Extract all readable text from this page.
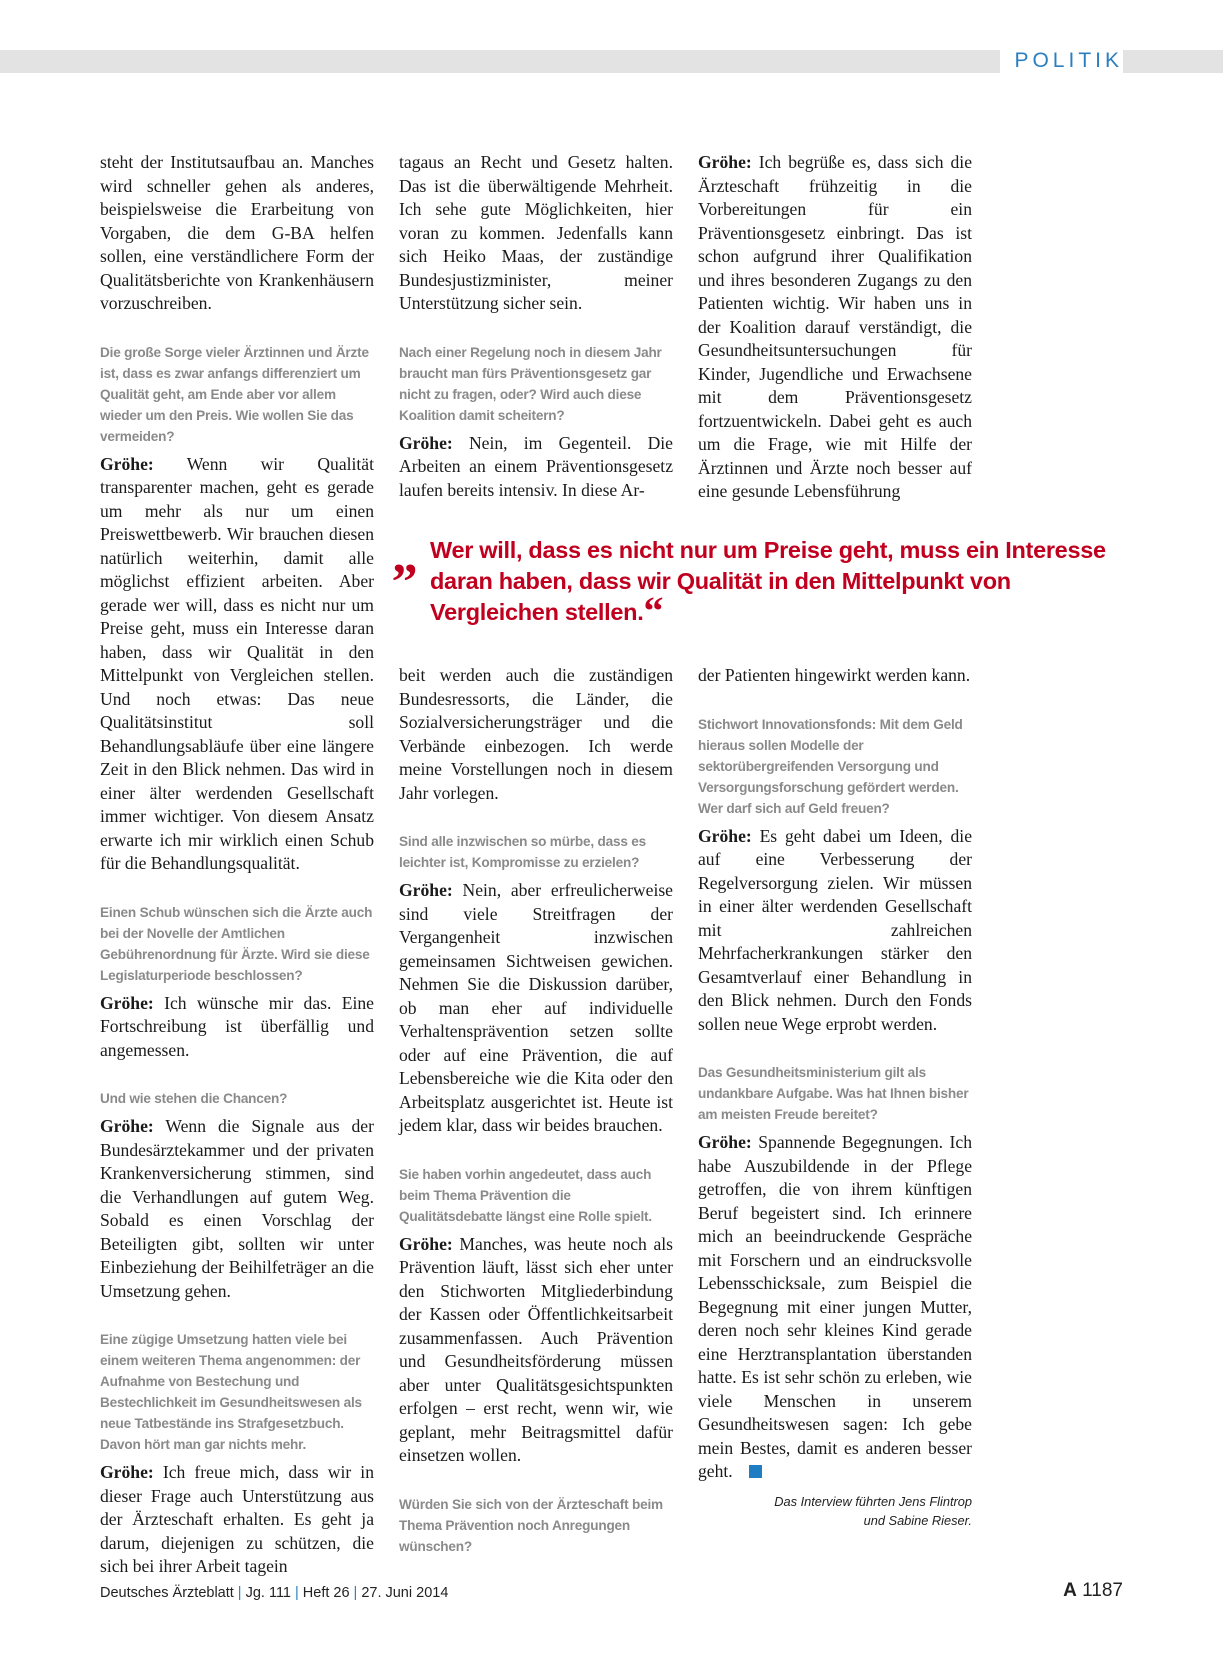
POLITIK

steht der Institutsaufbau an. Manches wird schneller gehen als anderes, beispielsweise die Erarbeitung von Vorgaben, die dem G-BA helfen sollen, eine verständlichere Form der Qualitätsberichte von Krankenhäusern vorzuschreiben.

Die große Sorge vieler Ärztinnen und Ärzte ist, dass es zwar anfangs differenziert um Qualität geht, am Ende aber vor allem wieder um den Preis. Wie wollen Sie das vermeiden?

Gröhe: Wenn wir Qualität transparenter machen, geht es gerade um mehr als nur um einen Preiswettbewerb. Wir brauchen diesen natürlich weiterhin, damit alle möglichst effizient arbeiten. Aber gerade wer will, dass es nicht nur um Preise geht, muss ein Interesse daran haben, dass wir Qualität in den Mittelpunkt von Vergleichen stellen. Und noch etwas: Das neue Qualitätsinstitut soll Behandlungsabläufe über eine längere Zeit in den Blick nehmen. Das wird in einer älter werdenden Gesellschaft immer wichtiger. Von diesem Ansatz erwarte ich mir wirklich einen Schub für die Behandlungsqualität.

Einen Schub wünschen sich die Ärzte auch bei der Novelle der Amtlichen Gebührenordnung für Ärzte. Wird sie diese Legislaturperiode beschlossen?

Gröhe: Ich wünsche mir das. Eine Fortschreibung ist überfällig und angemessen.

Und wie stehen die Chancen?

Gröhe: Wenn die Signale aus der Bundesärztekammer und der privaten Krankenversicherung stimmen, sind die Verhandlungen auf gutem Weg. Sobald es einen Vorschlag der Beteiligten gibt, sollten wir unter Einbeziehung der Beihilfeträger an die Umsetzung gehen.

Eine zügige Umsetzung hatten viele bei einem weiteren Thema angenommen: der Aufnahme von Bestechung und Bestechlichkeit im Gesundheitswesen als neue Tatbestände ins Strafgesetzbuch. Davon hört man gar nichts mehr.

Gröhe: Ich freue mich, dass wir in dieser Frage auch Unterstützung aus der Ärzteschaft erhalten. Es geht ja darum, diejenigen zu schützen, die sich bei ihrer Arbeit tagein

tagaus an Recht und Gesetz halten. Das ist die überwältigende Mehrheit. Ich sehe gute Möglichkeiten, hier voran zu kommen. Jedenfalls kann sich Heiko Maas, der zuständige Bundesjustizminister, meiner Unterstützung sicher sein.

Nach einer Regelung noch in diesem Jahr braucht man fürs Präventionsgesetz gar nicht zu fragen, oder? Wird auch diese Koalition damit scheitern?

Gröhe: Nein, im Gegenteil. Die Arbeiten an einem Präventionsgesetz laufen bereits intensiv. In diese Ar-

Gröhe: Ich begrüße es, dass sich die Ärzteschaft frühzeitig in die Vorbereitungen für ein Präventionsgesetz einbringt. Das ist schon aufgrund ihrer Qualifikation und ihres besonderen Zugangs zu den Patienten wichtig. Wir haben uns in der Koalition darauf verständigt, die Gesundheitsuntersuchungen für Kinder, Jugendliche und Erwachsene mit dem Präventionsgesetz fortzuentwickeln. Dabei geht es auch um die Frage, wie mit Hilfe der Ärztinnen und Ärzte noch besser auf eine gesunde Lebensführung

„ Wer will, dass es nicht nur um Preise geht, muss ein Interesse daran haben, dass wir Qualität in den Mittelpunkt von Vergleichen stellen.“

beit werden auch die zuständigen Bundesressorts, die Länder, die Sozialversicherungsträger und die Verbände einbezogen. Ich werde meine Vorstellungen noch in diesem Jahr vorlegen.

Sind alle inzwischen so mürbe, dass es leichter ist, Kompromisse zu erzielen?

Gröhe: Nein, aber erfreulicherweise sind viele Streitfragen der Vergangenheit inzwischen gemeinsamen Sichtweisen gewichen. Nehmen Sie die Diskussion darüber, ob man eher auf individuelle Verhaltensprävention setzen sollte oder auf eine Prävention, die auf Lebensbereiche wie die Kita oder den Arbeitsplatz ausgerichtet ist. Heute ist jedem klar, dass wir beides brauchen.

Sie haben vorhin angedeutet, dass auch beim Thema Prävention die Qualitätsdebatte längst eine Rolle spielt.

Gröhe: Manches, was heute noch als Prävention läuft, lässt sich eher unter den Stichworten Mitgliederbindung der Kassen oder Öffentlichkeitsarbeit zusammenfassen. Auch Prävention und Gesundheitsförderung müssen aber unter Qualitätsgesichtspunkten erfolgen – erst recht, wenn wir, wie geplant, mehr Beitragsmittel dafür einsetzen wollen.

Würden Sie sich von der Ärzteschaft beim Thema Prävention noch Anregungen wünschen?

der Patienten hingewirkt werden kann.

Stichwort Innovationsfonds: Mit dem Geld hieraus sollen Modelle der sektorübergreifenden Versorgung und Versorgungsforschung gefördert werden. Wer darf sich auf Geld freuen?

Gröhe: Es geht dabei um Ideen, die auf eine Verbesserung der Regelversorgung zielen. Wir müssen in einer älter werdenden Gesellschaft mit zahlreichen Mehrfacherkrankungen stärker den Gesamtverlauf einer Behandlung in den Blick nehmen. Durch den Fonds sollen neue Wege erprobt werden.

Das Gesundheitsministerium gilt als undankbare Aufgabe. Was hat Ihnen bisher am meisten Freude bereitet?

Gröhe: Spannende Begegnungen. Ich habe Auszubildende in der Pflege getroffen, die von ihrem künftigen Beruf begeistert sind. Ich erinnere mich an beeindruckende Gespräche mit Forschern und an eindrucksvolle Lebensschicksale, zum Beispiel die Begegnung mit einer jungen Mutter, deren noch sehr kleines Kind gerade eine Herztransplantation überstanden hatte. Es ist sehr schön zu erleben, wie viele Menschen in unserem Gesundheitswesen sagen: Ich gebe mein Bestes, damit es anderen besser geht.

Das Interview führten Jens Flintrop
und Sabine Rieser.
Deutsches Ärzteblatt | Jg. 111 | Heft 26 | 27. Juni 2014	A 1187
